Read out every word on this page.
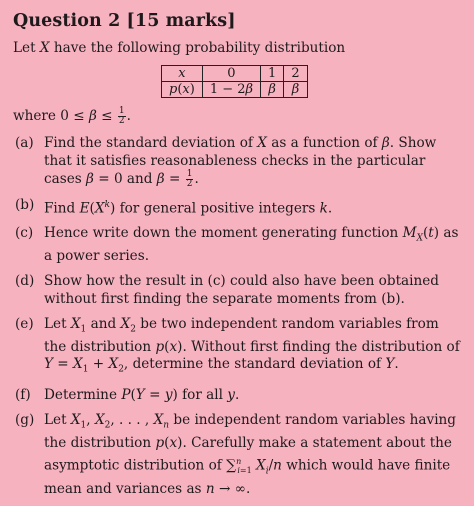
Question 2 [15 marks]
Let X have the following probability distribution
x	0	1	2
p(x)	1 − 2β	β	β
where $0 \le \beta \le \frac{1}{2}$ .
(a) Find the standard deviation of X as a function of β. Show that it satisfies reasonableness checks in the particular cases β = 0 and $\beta = \frac{1}{2}$ .
(b) Find $E(X^k)$ for general positive integers k.
(c) Hence write down the moment generating function $M_X(t)$ as a power series.
(d) Show how the result in (c) could also have been obtained without first finding the separate moments from (b).
(e) Let $X_1$ and $X_2$ be two independent random variables from the distribution p(x). Without first finding the distribution of $Y = X_1 + X_2$, determine the standard deviation of Y.
(f) Determine P(Y = y) for all y.
(g) Let $X_1$, $X_2$, . . . , $X_n$ be independent random variables having the distribution p(x). Carefully make a statement about the asymptotic distribution of ∑$^n_{i=1}$ $X_i/n$ which would have finite mean and variances as n → ∞.
